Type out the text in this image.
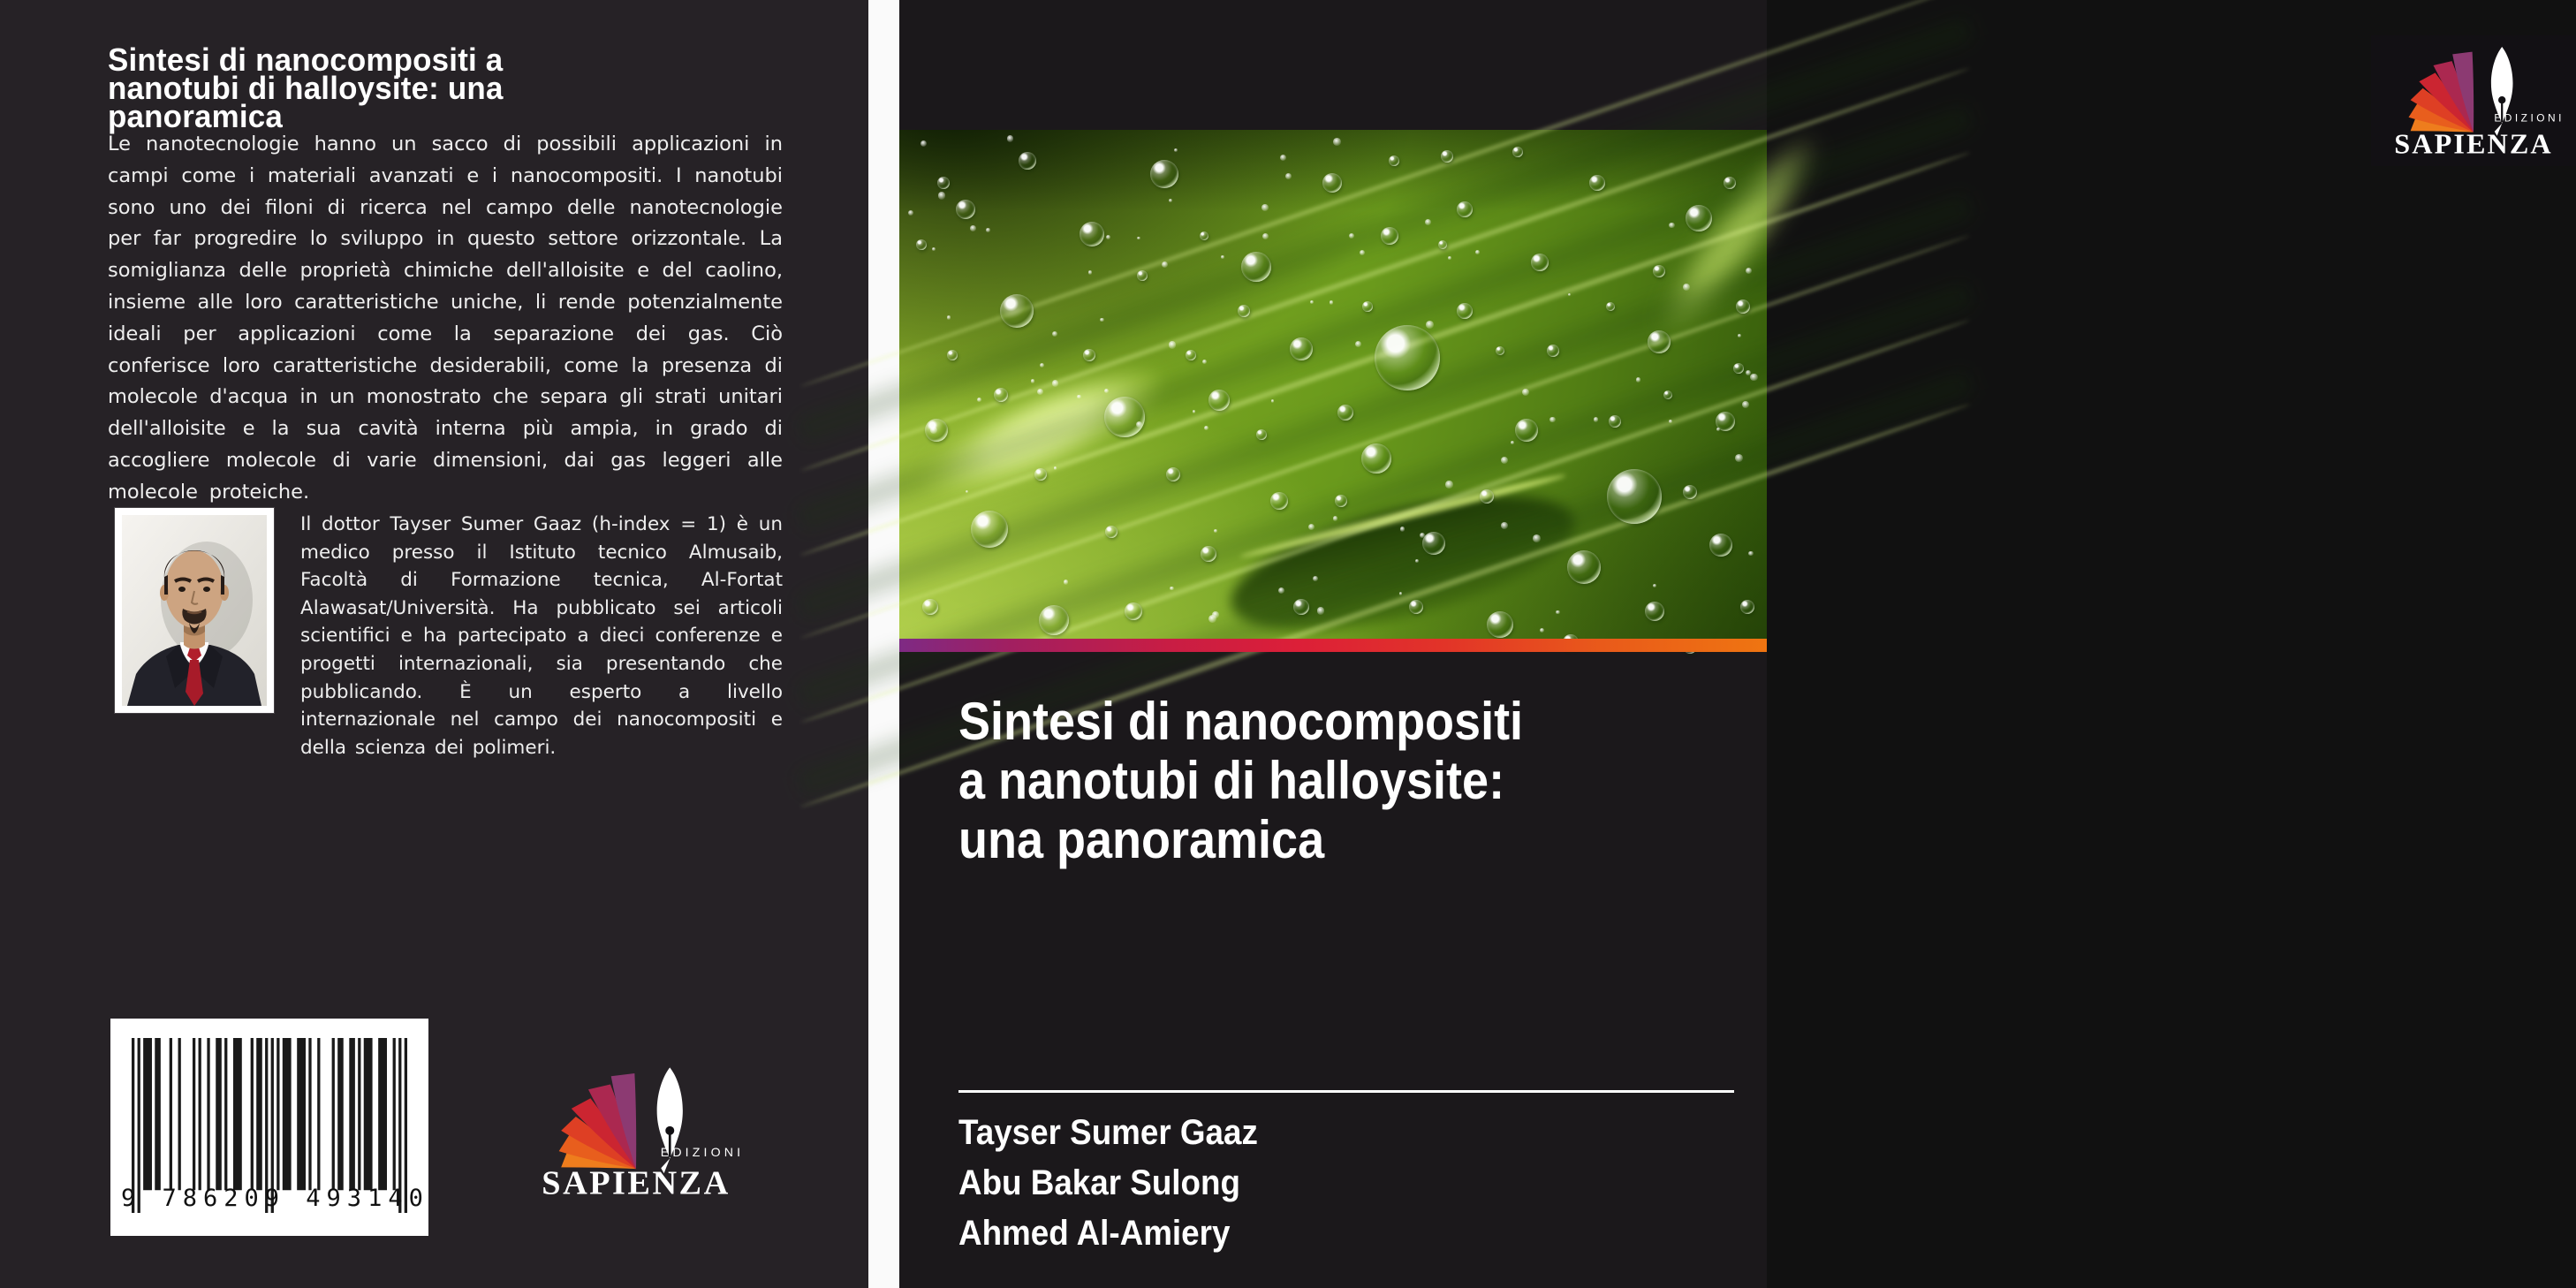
Sintesi di nanocompositi a
nanotubi di halloysite: una
panoramica

Le nanotecnologie hanno un sacco di possibili applicazioni in campi come i materiali avanzati e i nanocompositi. I nanotubi sono uno dei filoni di ricerca nel campo delle nanotecnologie per far progredire lo sviluppo in questo settore orizzontale. La somiglianza delle proprietà chimiche dell'alloisite e del caolino, insieme alle loro caratteristiche uniche, li rende potenzialmente ideali per applicazioni come la separazione dei gas. Ciò conferisce loro caratteristiche desiderabili, come la presenza di molecole d'acqua in un monostrato che separa gli strati unitari dell'alloisite e la sua cavità interna più ampia, in grado di accogliere molecole di varie dimensioni, dai gas leggeri alle molecole proteiche.

Il dottor Tayser Sumer Gaaz (h-index = 1) è un medico presso il Istituto tecnico Almusaib, Facoltà di Formazione tecnica, Al-Fortat Alawasat/Università. Ha pubblicato sei articoli scientifici e ha partecipato a dieci conferenze e progetti internazionali, sia presentando che pubblicando. È un esperto a livello internazionale nel campo dei nanocompositi e della scienza dei polimeri.

9 786209 493140
EDIZIONI
SAPIENZA
EDIZIONI
SAPIENZA
Sintesi di nanocompositi
a nanotubi di halloysite:
una panoramica
Tayser Sumer Gaaz
Abu Bakar Sulong
Ahmed Al-Amiery
